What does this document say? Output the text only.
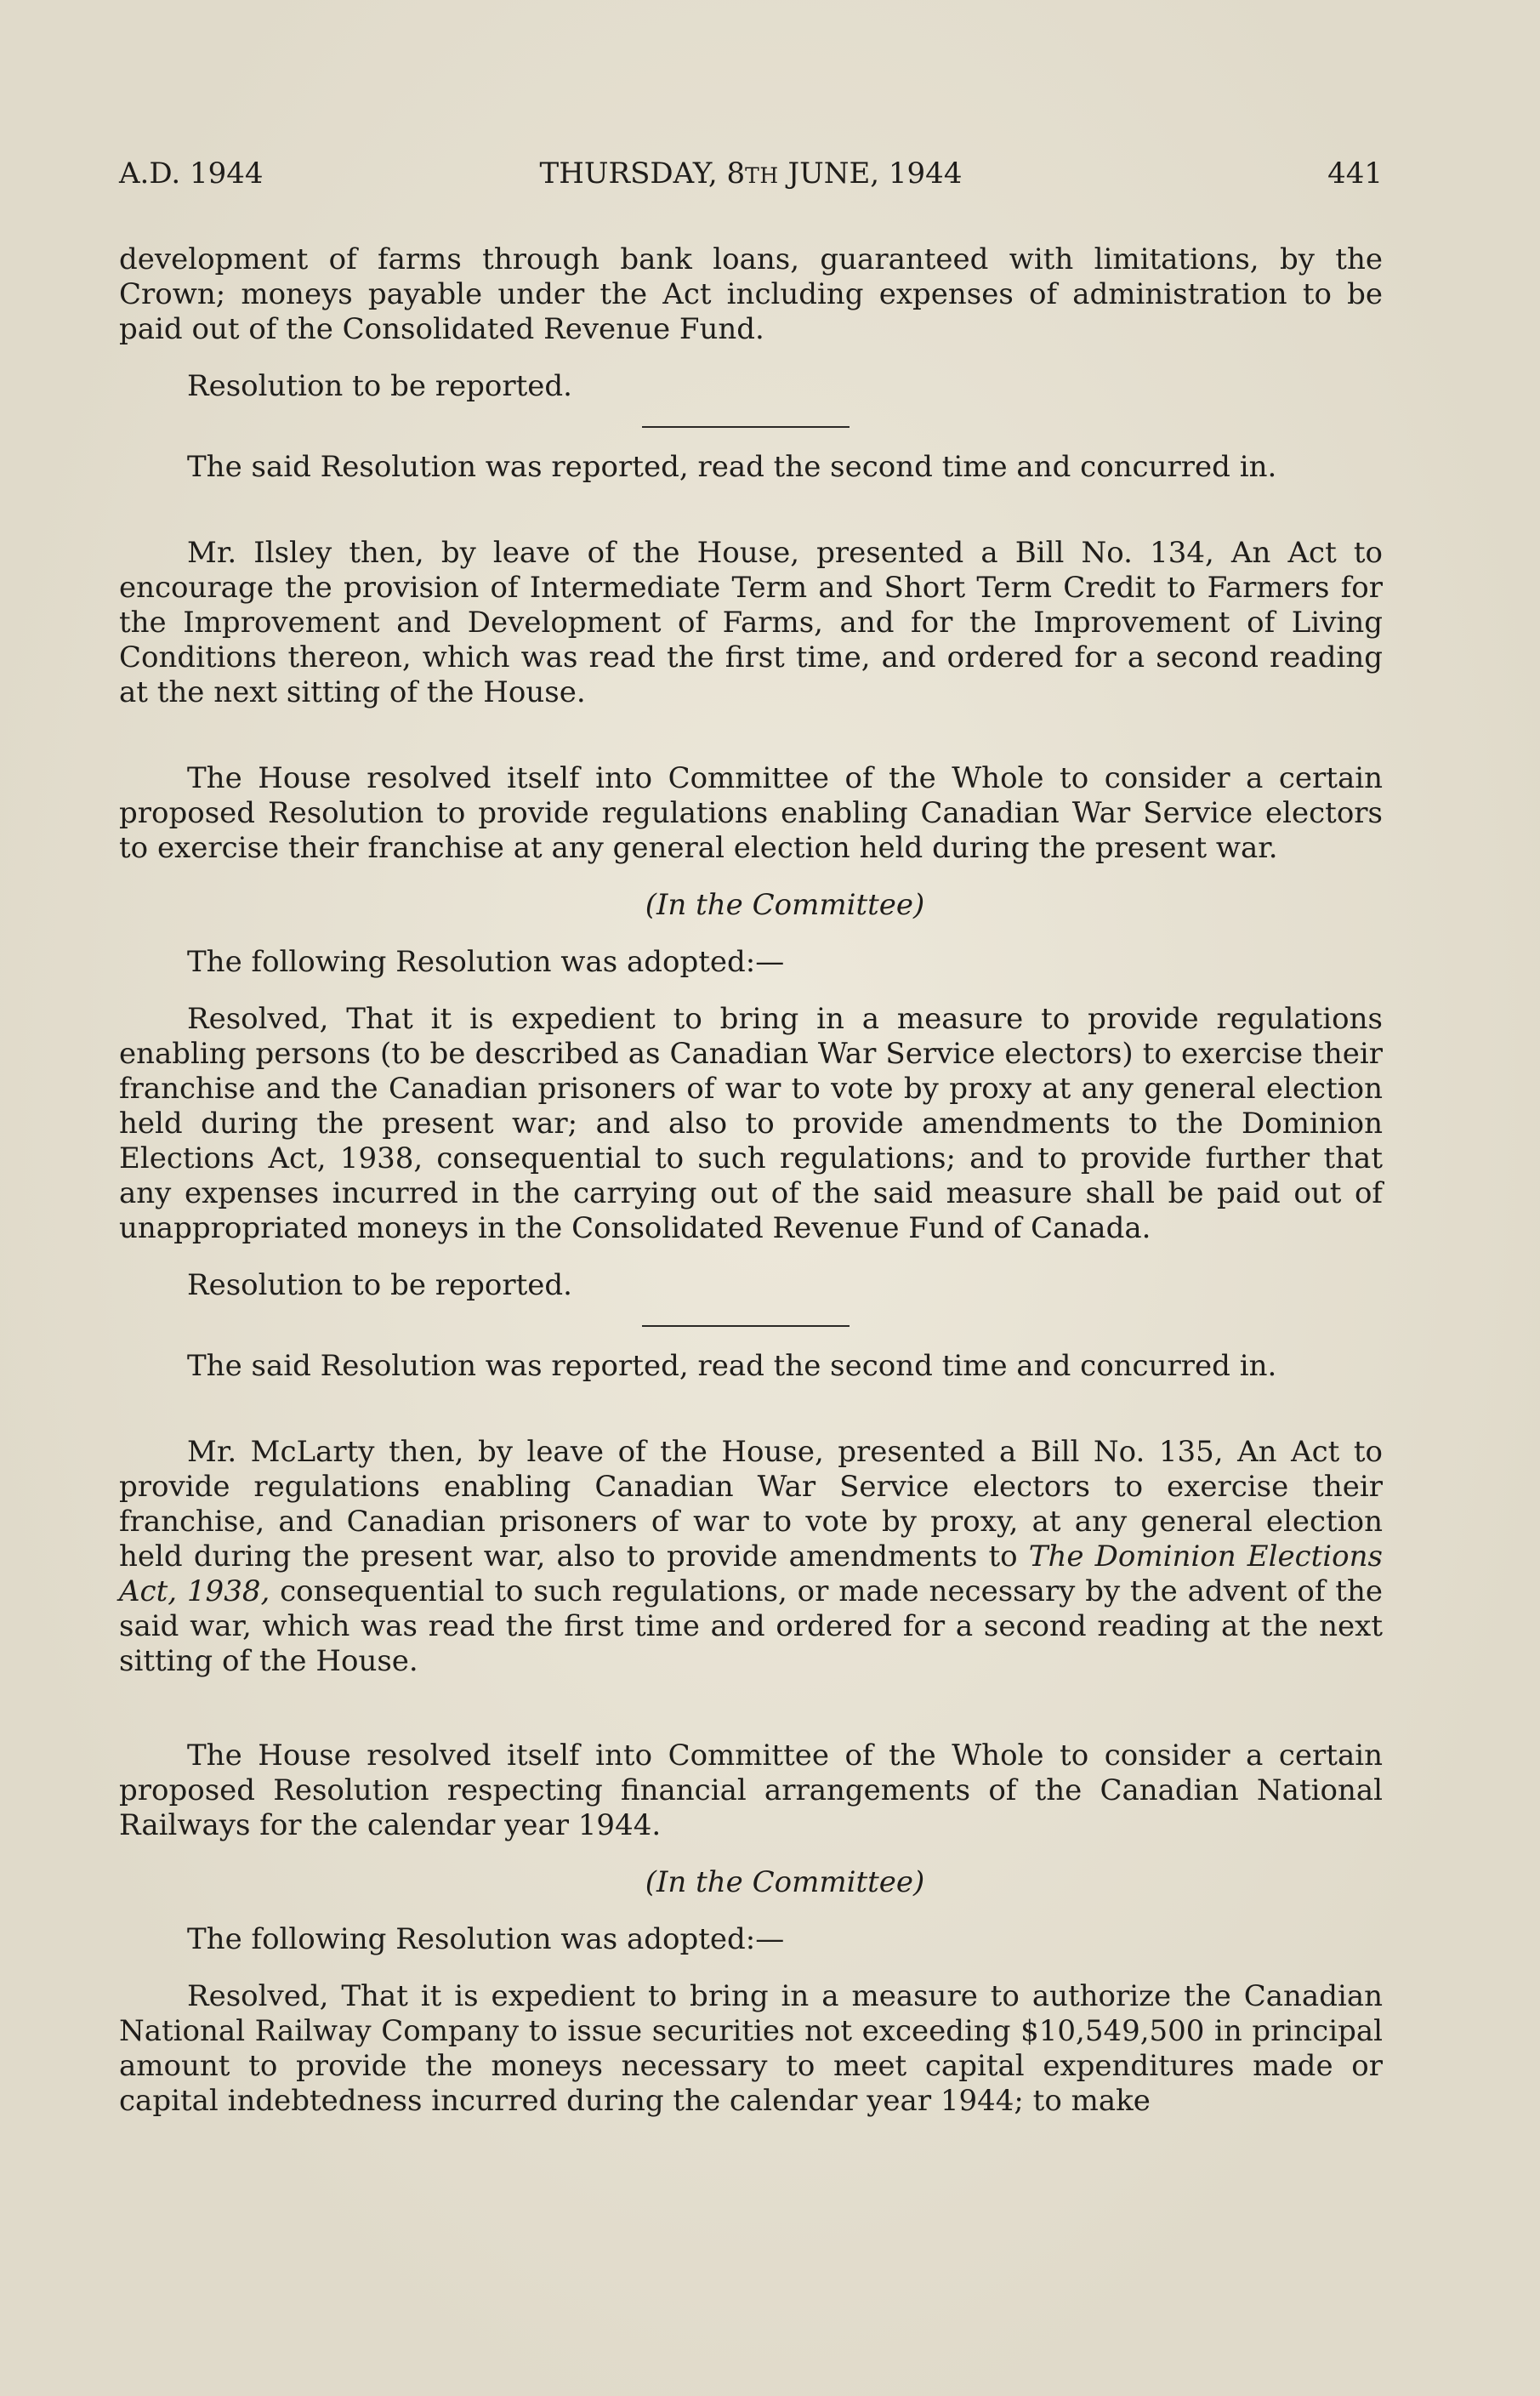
A.D. 1944	THURSDAY, 8TH JUNE, 1944	441

development of farms through bank loans, guaranteed with limitations, by the Crown; moneys payable under the Act including expenses of administration to be paid out of the Consolidated Revenue Fund.

Resolution to be reported.

The said Resolution was reported, read the second time and concurred in.

Mr. Ilsley then, by leave of the House, presented a Bill No. 134, An Act to encourage the provision of Intermediate Term and Short Term Credit to Farmers for the Improvement and Development of Farms, and for the Improvement of Living Conditions thereon, which was read the first time, and ordered for a second reading at the next sitting of the House.

The House resolved itself into Committee of the Whole to consider a certain proposed Resolution to provide regulations enabling Canadian War Service electors to exercise their franchise at any general election held during the present war.

(In the Committee)

The following Resolution was adopted:—

Resolved, That it is expedient to bring in a measure to provide regulations enabling persons (to be described as Canadian War Service electors) to exercise their franchise and the Canadian prisoners of war to vote by proxy at any general election held during the present war; and also to provide amendments to the Dominion Elections Act, 1938, consequential to such regulations; and to provide further that any expenses incurred in the carrying out of the said measure shall be paid out of unappropriated moneys in the Consolidated Revenue Fund of Canada.

Resolution to be reported.

The said Resolution was reported, read the second time and concurred in.

Mr. McLarty then, by leave of the House, presented a Bill No. 135, An Act to provide regulations enabling Canadian War Service electors to exercise their franchise, and Canadian prisoners of war to vote by proxy, at any general election held during the present war, also to provide amendments to The Dominion Elections Act, 1938, consequential to such regulations, or made necessary by the advent of the said war, which was read the first time and ordered for a second reading at the next sitting of the House.

The House resolved itself into Committee of the Whole to consider a certain proposed Resolution respecting financial arrangements of the Canadian National Railways for the calendar year 1944.

(In the Committee)

The following Resolution was adopted:—

Resolved, That it is expedient to bring in a measure to authorize the Canadian National Railway Company to issue securities not exceeding $10,549,500 in principal amount to provide the moneys necessary to meet capital expenditures made or capital indebtedness incurred during the calendar year 1944; to make
